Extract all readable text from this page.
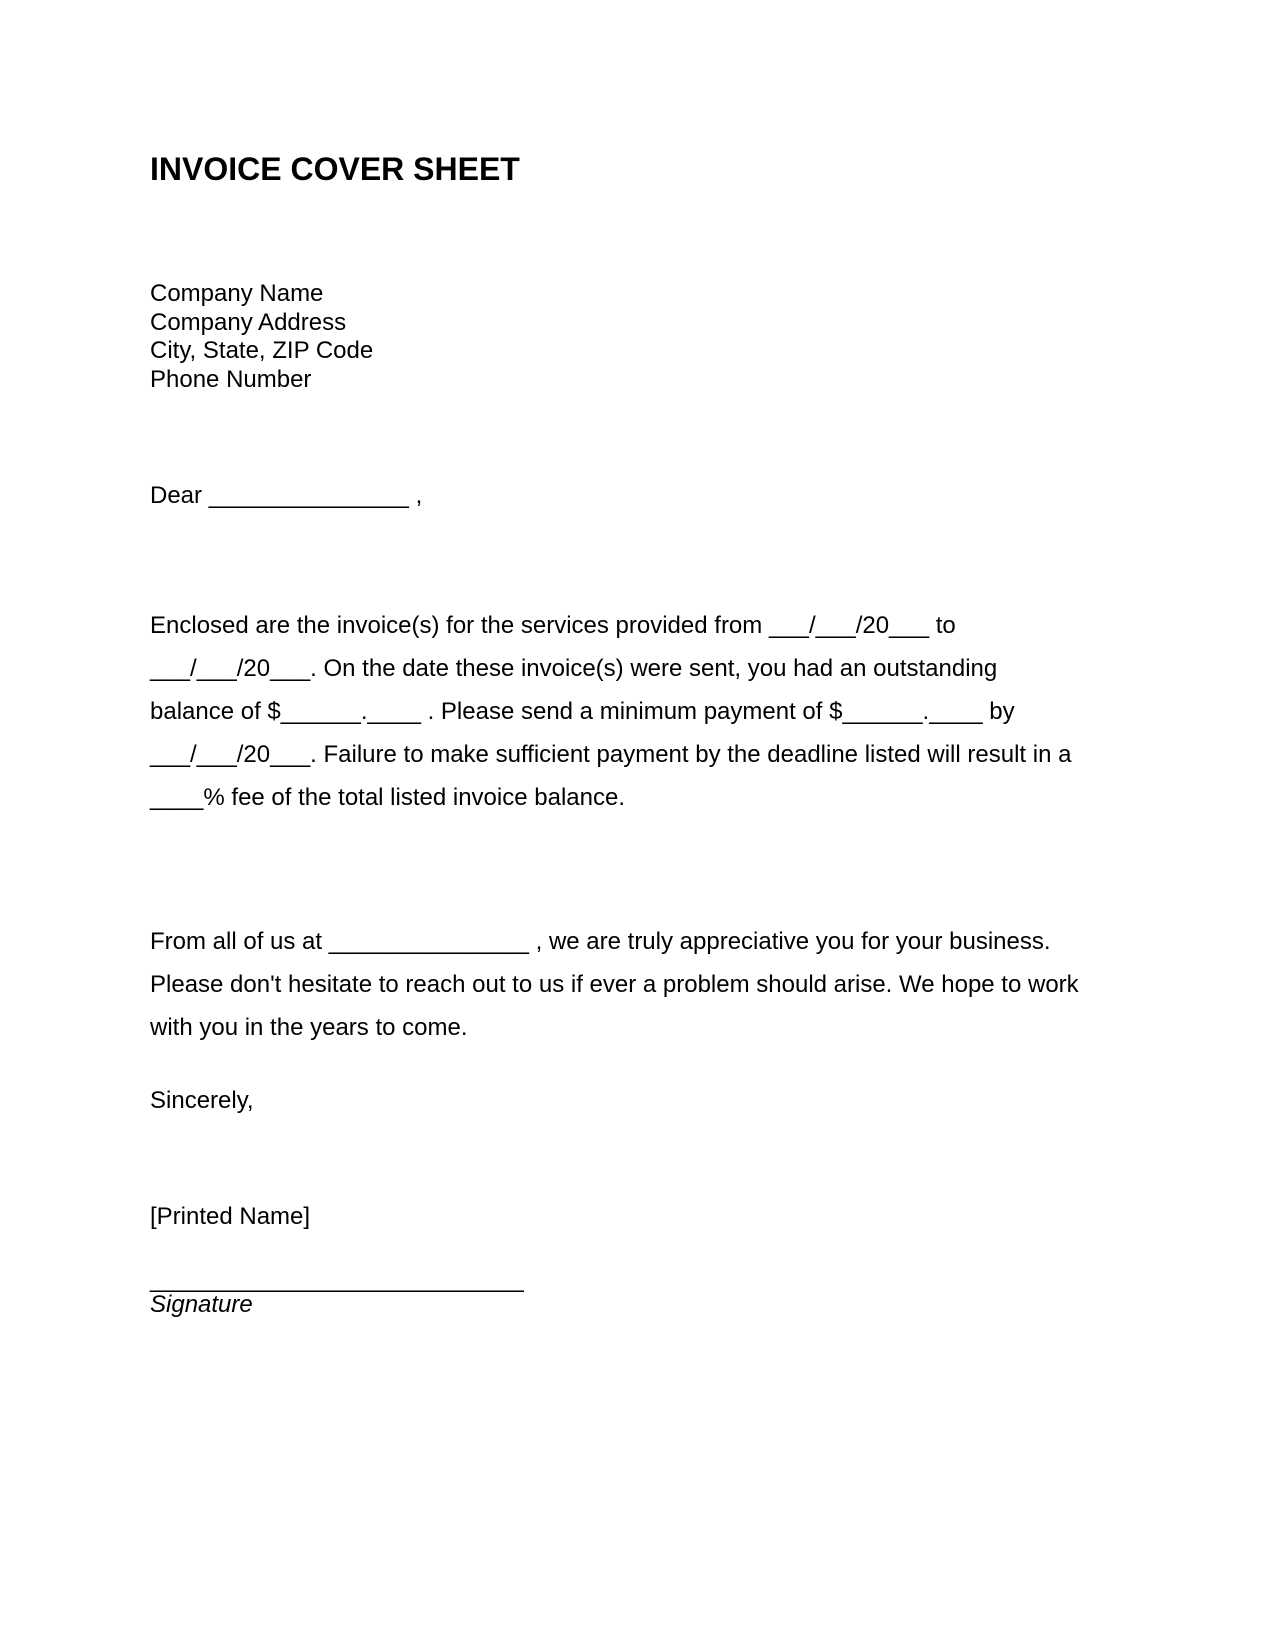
INVOICE COVER SHEET
Company Name
Company Address
City, State, ZIP Code
Phone Number
Dear _______________ ,
Enclosed are the invoice(s) for the services provided from ___/___/20___ to
___/___/20___. On the date these invoice(s) were sent, you had an outstanding
balance of $______.____ . Please send a minimum payment of $______.____ by
___/___/20___. Failure to make sufficient payment by the deadline listed will result in a
____% fee of the total listed invoice balance.
From all of us at _______________ , we are truly appreciative you for your business.
Please don't hesitate to reach out to us if ever a problem should arise. We hope to work
with you in the years to come.
Sincerely,
[Printed Name]
____________________________
Signature
